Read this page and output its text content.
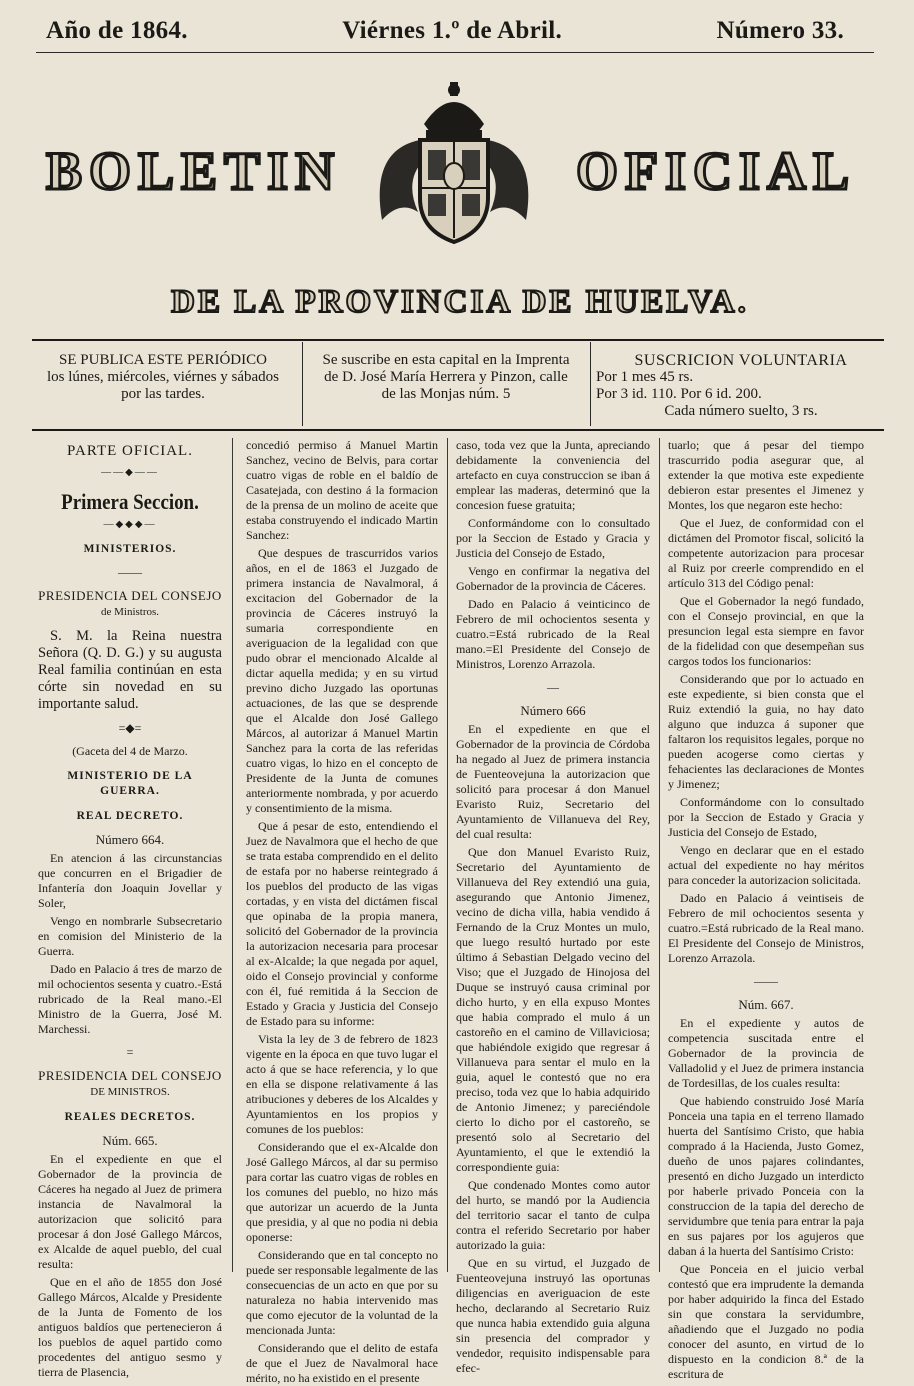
Año de 1864.	Viérnes 1.º de Abril.	Número 33.
BOLETIN	OFICIAL
DE LA PROVINCIA DE HUELVA.
SE PUBLICA ESTE PERIÓDICO
los lúnes, miércoles, viérnes y sábados
por las tardes.
Se suscribe en esta capital en la Imprenta
de D. José María Herrera y Pinzon, calle
de las Monjas núm. 5
SUSCRICION VOLUNTARIA
Por 1 mes 45 rs.
Por 3 id. 110. Por 6 id. 200.
Cada número suelto, 3 rs.
PARTE OFICIAL.
——◆——
Primera Seccion.
—◆◆◆—
MINISTERIOS.
——
PRESIDENCIA DEL CONSEJO
de Ministros.

S. M. la Reina nuestra Señora (Q. D. G.) y su augusta Real familia continúan en esta córte sin novedad en su importante salud.

=◆=

(Gaceta del 4 de Marzo.

MINISTERIO DE LA GUERRA.
REAL DECRETO.
Número 664.

En atencion á las circunstancias que concurren en el Brigadier de Infantería don Joaquin Jovellar y Soler,

Vengo en nombrarle Subsecretario en comision del Ministerio de la Guerra.

Dado en Palacio á tres de marzo de mil ochocientos sesenta y cuatro.-Está rubricado de la Real mano.-El Ministro de la Guerra, José M. Marchessi.

=
PRESIDENCIA DEL CONSEJO
DE MINISTROS.
REALES DECRETOS.
Núm. 665.

En el expediente en que el Gobernador de la provincia de Cáceres ha negado al Juez de primera instancia de Navalmoral la autorizacion que solicitó para procesar á don José Gallego Márcos, ex Alcalde de aquel pueblo, del cual resulta:

Que en el año de 1855 don José Gallego Márcos, Alcalde y Presidente de la Junta de Fomento de los antiguos baldíos que pertenecieron á los pueblos de aquel partido como procedentes del antiguo sesmo y tierra de Plasencia,

concedió permiso á Manuel Martin Sanchez, vecino de Belvis, para cortar cuatro vigas de roble en el baldío de Casatejada, con destino á la formacion de la prensa de un molino de aceite que estaba construyendo el indicado Martin Sanchez:

Que despues de trascurridos varios años, en el de 1863 el Juzgado de primera instancia de Navalmoral, á excitacion del Gobernador de la provincia de Cáceres instruyó la sumaria correspondiente en averiguacion de la legalidad con que pudo obrar el mencionado Alcalde al dictar aquella medida; y en su virtud previno dicho Juzgado las oportunas actuaciones, de las que se desprende que el Alcalde don José Gallego Márcos, al autorizar á Manuel Martin Sanchez para la corta de las referidas cuatro vigas, lo hizo en el concepto de Presidente de la Junta de comunes anteriormente nombrada, y por acuerdo y consentimiento de la misma.

Que á pesar de esto, entendiendo el Juez de Navalmora que el hecho de que se trata estaba comprendido en el delito de estafa por no haberse reintegrado á los pueblos del producto de las vigas cortadas, y en vista del dictámen fiscal que opinaba de la propia manera, solicitó del Gobernador de la provincia la autorizacion necesaria para procesar al ex-Alcalde; la que negada por aquel, oido el Consejo provincial y conforme con él, fué remitida á la Seccion de Estado y Gracia y Justicia del Consejo de Estado para su informe:

Vista la ley de 3 de febrero de 1823 vigente en la época en que tuvo lugar el acto á que se hace referencia, y lo que en ella se dispone relativamente á las atribuciones y deberes de los Alcaldes y Ayuntamientos en los propios y comunes de los pueblos:

Considerando que el ex-Alcalde don José Gallego Márcos, al dar su permiso para cortar las cuatro vigas de robles en los comunes del pueblo, no hizo más que autorizar un acuerdo de la Junta que presidia, y al que no podia ni debia oponerse:

Considerando que en tal concepto no puede ser responsable legalmente de las consecuencias de un acto en que por su naturaleza no habia intervenido mas que como ejecutor de la voluntad de la mencionada Junta:

Considerando que el delito de estafa de que el Juez de Navalmoral hace mérito, no ha existido en el presente

caso, toda vez que la Junta, apreciando debidamente la conveniencia del artefacto en cuya construccion se iban á emplear las maderas, determinó que la concesion fuese gratuita;

Conformándome con lo consultado por la Seccion de Estado y Gracia y Justicia del Consejo de Estado,

Vengo en confirmar la negativa del Gobernador de la provincia de Cáceres.

Dado en Palacio á veinticinco de Febrero de mil ochocientos sesenta y cuatro.=Está rubricado de la Real mano.=El Presidente del Consejo de Ministros, Lorenzo Arrazola.

—
Número 666

En el expediente en que el Gobernador de la provincia de Córdoba ha negado al Juez de primera instancia de Fuenteovejuna la autorizacion que solicitó para procesar á don Manuel Evaristo Ruiz, Secretario del Ayuntamiento de Villanueva del Rey, del cual resulta:

Que don Manuel Evaristo Ruiz, Secretario del Ayuntamiento de Villanueva del Rey extendió una guia, asegurando que Antonio Jimenez, vecino de dicha villa, habia vendido á Fernando de la Cruz Montes un mulo, que luego resultó hurtado por este último á Sebastian Delgado vecino del Viso; que el Juzgado de Hinojosa del Duque se instruyó causa criminal por dicho hurto, y en ella expuso Montes que habia comprado el mulo á un castoreño en el camino de Villaviciosa; que habiéndole exigido que regresar á Villanueva para sentar el mulo en la guia, aquel le contestó que no era preciso, toda vez que lo habia adquirido de Antonio Jimenez; y pareciéndole cierto lo dicho por el castoreño, se presentó solo al Secretario del Ayuntamiento, el que le extendió la correspondiente guia:

Que condenado Montes como autor del hurto, se mandó por la Audiencia del territorio sacar el tanto de culpa contra el referido Secretario por haber autorizado la guia:

Que en su virtud, el Juzgado de Fuenteovejuna instruyó las oportunas diligencias en averiguacion de este hecho, declarando al Secretario Ruiz que nunca habia extendido guia alguna sin presencia del comprador y vendedor, requisito indispensable para efec-

tuarlo; que á pesar del tiempo trascurrido podia asegurar que, al extender la que motiva este expediente debieron estar presentes el Jimenez y Montes, los que negaron este hecho:

Que el Juez, de conformidad con el dictámen del Promotor fiscal, solicitó la competente autorizacion para procesar al Ruiz por creerle comprendido en el artículo 313 del Código penal:

Que el Gobernador la negó fundado, con el Consejo provincial, en que la presuncion legal esta siempre en favor de la fidelidad con que desempeñan sus cargos todos los funcionarios:

Considerando que por lo actuado en este expediente, si bien consta que el Ruiz extendió la guia, no hay dato alguno que induzca á suponer que faltaron los requisitos legales, porque no pueden acogerse como ciertas y fehacientes las declaraciones de Montes y Jimenez;

Conformándome con lo consultado por la Seccion de Estado y Gracia y Justicia del Consejo de Estado,

Vengo en declarar que en el estado actual del expediente no hay méritos para conceder la autorizacion solicitada.

Dado en Palacio á veintiseis de Febrero de mil ochocientos sesenta y cuatro.=Está rubricado de la Real mano. El Presidente del Consejo de Ministros, Lorenzo Arrazola.

——
Núm. 667.

En el expediente y autos de competencia suscitada entre el Gobernador de la provincia de Valladolid y el Juez de primera instancia de Tordesillas, de los cuales resulta:

Que habiendo construido José María Ponceia una tapia en el terreno llamado huerta del Santísimo Cristo, que habia comprado á la Hacienda, Justo Gomez, dueño de unos pajares colindantes, presentó en dicho Juzgado un interdicto por haberle privado Ponceia con la construccion de la tapia del derecho de servidumbre que tenia para entrar la paja en sus pajares por los agujeros que daban á la huerta del Santísimo Cristo:

Que Ponceia en el juicio verbal contestó que era imprudente la demanda por haber adquirido la finca del Estado sin que constara la servidumbre, añadiendo que el Juzgado no podia conocer del asunto, en virtud de lo dispuesto en la condicion 8.ª de la escritura de
